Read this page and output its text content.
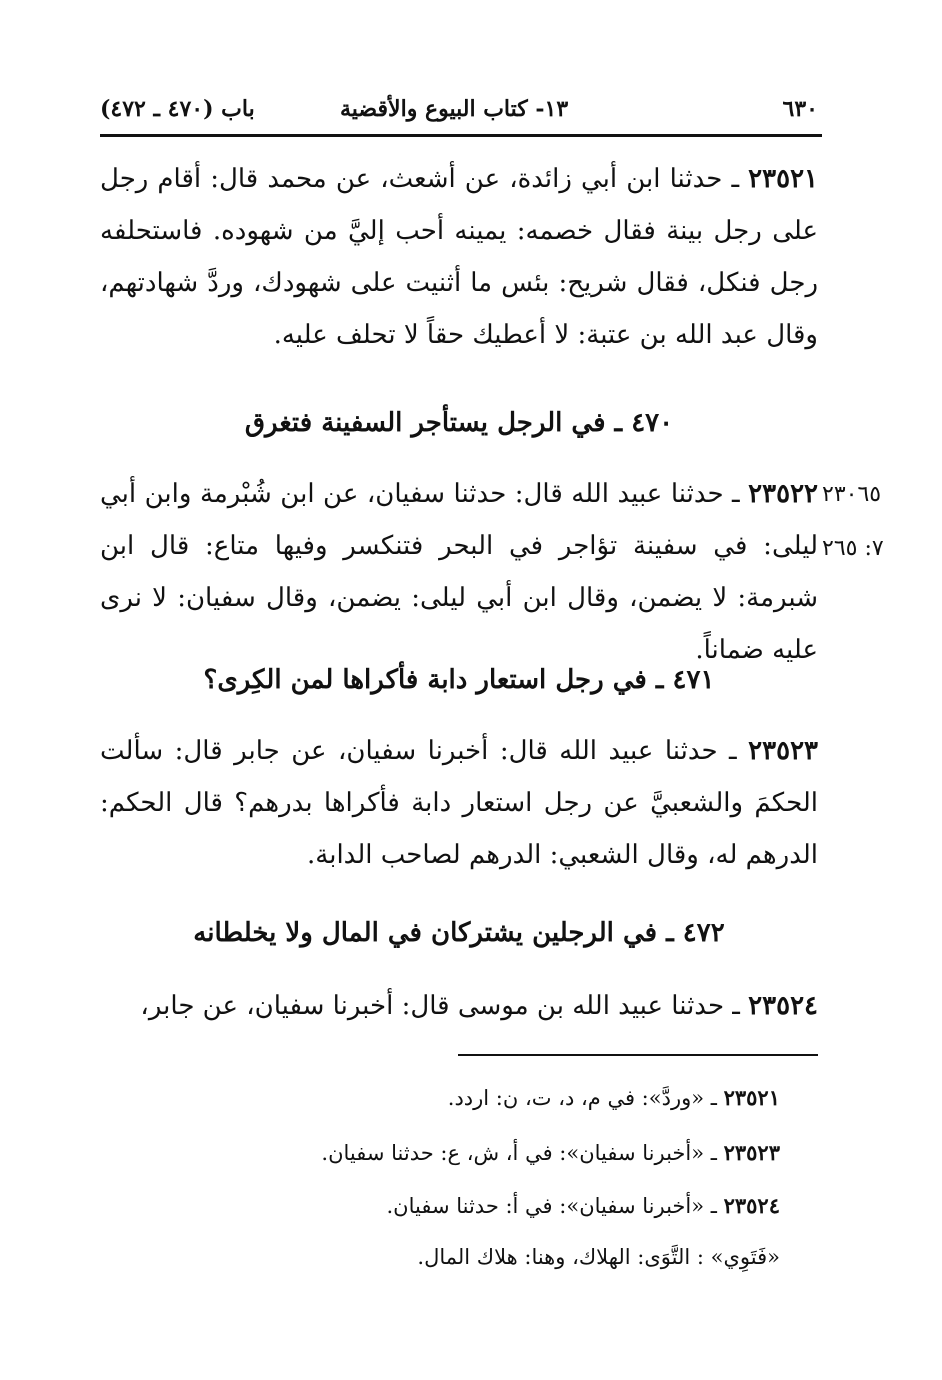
٦٣٠
١٣- كتاب البيوع والأقضية
باب (٤٧٠ ـ ٤٧٢)

٢٣٥٢١ ـ حدثنا ابن أبي زائدة، عن أشعث، عن محمد قال: أقام رجل على رجل بينة فقال خصمه: يمينه أحب إليَّ من شهوده. فاستحلفه رجل فنكل، فقال شريح: بئس ما أثنيت على شهودك، وردَّ شهادتهم، وقال عبد الله بن عتبة: لا أعطيك حقاً لا تحلف عليه.

٤٧٠ ـ في الرجل يستأجر السفينة فتغرق
٢٣٠٦٥
٧: ٢٦٥

٢٣٥٢٢ ـ حدثنا عبيد الله قال: حدثنا سفيان، عن ابن شُبْرمة وابن أبي ليلى: في سفينة تؤاجر في البحر فتنكسر وفيها متاع: قال ابن شبرمة: لا يضمن، وقال ابن أبي ليلى: يضمن، وقال سفيان: لا نرى عليه ضماناً.

٤٧١ ـ في رجل استعار دابة فأكراها لمن الكِرى؟

٢٣٥٢٣ ـ حدثنا عبيد الله قال: أخبرنا سفيان، عن جابر قال: سألت الحكمَ والشعبيَّ عن رجل استعار دابة فأكراها بدرهم؟ قال الحكم: الدرهم له، وقال الشعبي: الدرهم لصاحب الدابة.

٤٧٢ ـ في الرجلين يشتركان في المال ولا يخلطانه

٢٣٥٢٤ ـ حدثنا عبيد الله بن موسى قال: أخبرنا سفيان، عن جابر،

٢٣٥٢١ ـ «وردَّ»: في م، د، ت، ن: اردد.
٢٣٥٢٣ ـ «أخبرنا سفيان»: في أ، ش، ع: حدثنا سفيان.
٢٣٥٢٤ ـ «أخبرنا سفيان»: في أ: حدثنا سفيان.
«فَتَوِي» : التَّوَى: الهلاك، وهنا: هلاك المال.
